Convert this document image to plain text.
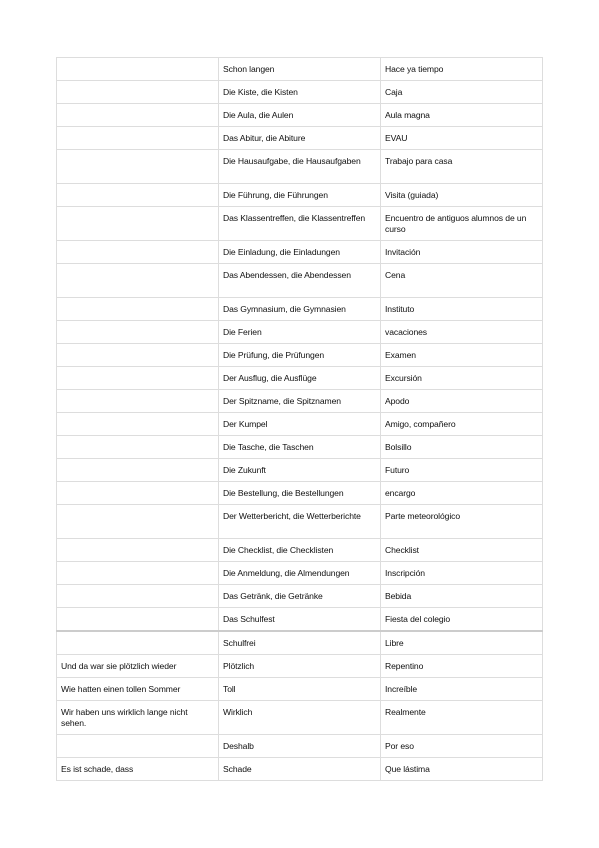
	Schon langen	Hace ya tiempo
	Die Kiste, die Kisten	Caja
	Die Aula, die Aulen	Aula magna
	Das Abitur, die Abiture	EVAU
	Die Hausaufgabe, die Hausaufgaben	Trabajo para casa
	Die Führung, die Führungen	Visita (guiada)
	Das Klassentreffen, die Klassentreffen	Encuentro de antiguos alumnos de un curso
	Die Einladung, die Einladungen	Invitación
	Das Abendessen, die Abendessen	Cena
	Das Gymnasium, die Gymnasien	Instituto
	Die Ferien	vacaciones
	Die Prüfung, die Prüfungen	Examen
	Der Ausflug, die Ausflüge	Excursión
	Der Spitzname, die Spitznamen	Apodo
	Der Kumpel	Amigo, compañero
	Die Tasche, die Taschen	Bolsillo
	Die Zukunft	Futuro
	Die Bestellung, die Bestellungen	encargo
	Der Wetterbericht, die Wetterberichte	Parte meteorológico
	Die Checklist, die Checklisten	Checklist
	Die Anmeldung, die Almendungen	Inscripción
	Das Getränk, die Getränke	Bebida
	Das Schulfest	Fiesta del colegio
	Schulfrei	Libre
Und da war sie plötzlich wieder	Plötzlich	Repentino
Wie hatten einen tollen Sommer	Toll	Increíble
Wir haben uns wirklich lange nicht sehen.	Wirklich	Realmente
	Deshalb	Por eso
Es ist schade, dass	Schade	Que lástima
